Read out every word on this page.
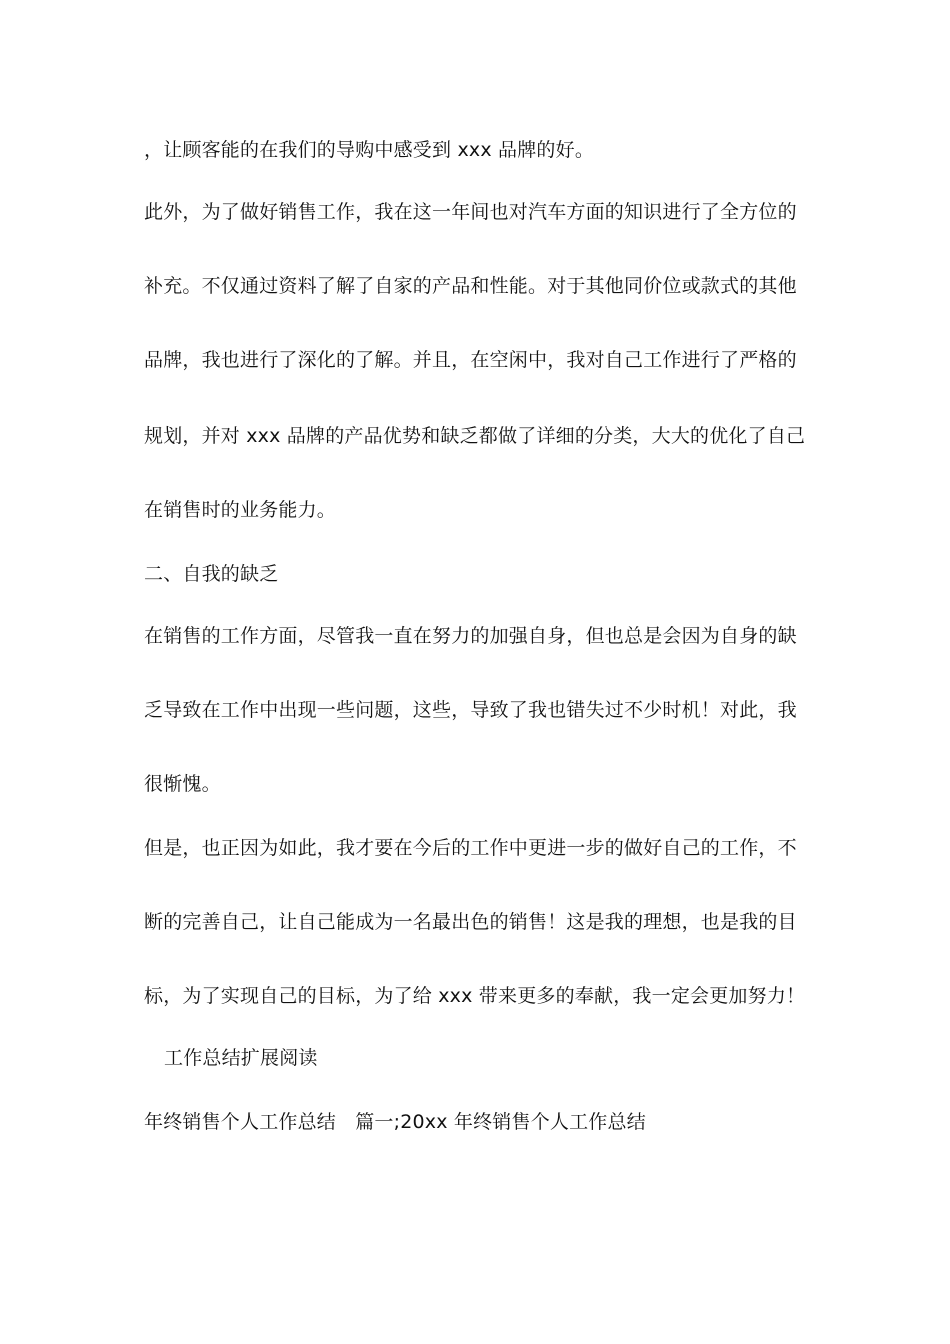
，让顾客能的在我们的导购中感受到 xxx 品牌的好。
此外，为了做好销售工作，我在这一年间也对汽车方面的知识进行了全方位的
补充。不仅通过资料了解了自家的产品和性能。对于其他同价位或款式的其他
品牌，我也进行了深化的了解。并且，在空闲中，我对自己工作进行了严格的
规划，并对 xxx 品牌的产品优势和缺乏都做了详细的分类，大大的优化了自己
在销售时的业务能力。
二、自我的缺乏
在销售的工作方面，尽管我一直在努力的加强自身，但也总是会因为自身的缺
乏导致在工作中出现一些问题，这些，导致了我也错失过不少时机！对此，我
很惭愧。
但是，也正因为如此，我才要在今后的工作中更进一步的做好自己的工作，不
断的完善自己，让自己能成为一名最出色的销售！这是我的理想，也是我的目
标，为了实现自己的目标，为了给 xxx 带来更多的奉献，我一定会更加努力！
工作总结扩展阅读
年终销售个人工作总结　篇一;20xx 年终销售个人工作总结
